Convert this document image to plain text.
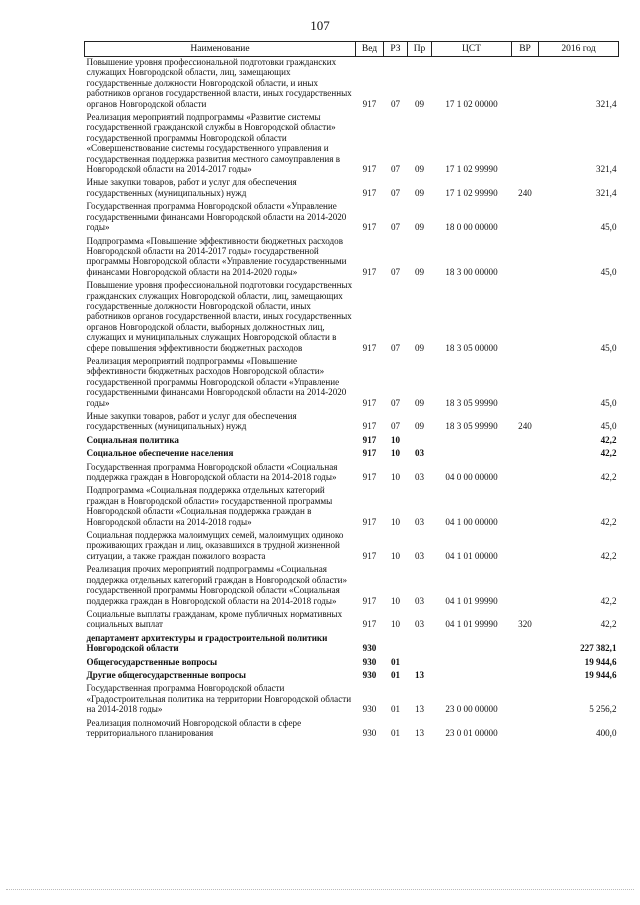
107
Наименование	Вед	РЗ	Пр	ЦСТ	ВР	2016 год
Повышение уровня профессиональной подготовки гражданских служащих Новгородской области, лиц, замещающих государственные должности Новгородской области, и иных работников органов государственной власти, иных государственных органов Новгородской области	917	07	09	17 1 02 00000		321,4
Реализация мероприятий подпрограммы «Развитие системы государственной гражданской службы в Новгородской области» государственной программы Новгородской области «Совершенствование системы государственного управления и государственная поддержка развития местного самоуправления в Новгородской области на 2014-2017 годы»	917	07	09	17 1 02 99990		321,4
Иные закупки товаров, работ и услуг для обеспечения государственных (муниципальных) нужд	917	07	09	17 1 02 99990	240	321,4
Государственная программа Новгородской области «Управление государственными финансами Новгородской области на 2014-2020 годы»	917	07	09	18 0 00 00000		45,0
Подпрограмма «Повышение эффективности бюджетных расходов Новгородской области на 2014-2017 годы» государственной программы Новгородской области «Управление государственными финансами Новгородской области на 2014-2020 годы»	917	07	09	18 3 00 00000		45,0
Повышение уровня профессиональной подготовки государственных гражданских служащих Новгородской области, лиц, замещающих государственные должности Новгородской области, иных работников органов государственной власти, иных государственных органов Новгородской области, выборных должностных лиц, служащих и муниципальных служащих Новгородской области в сфере повышения эффективности бюджетных расходов	917	07	09	18 3 05 00000		45,0
Реализация мероприятий подпрограммы «Повышение эффективности бюджетных расходов Новгородской области» государственной программы Новгородской области «Управление государственными финансами Новгородской области на 2014-2020 годы»	917	07	09	18 3 05 99990		45,0
Иные закупки товаров, работ и услуг для обеспечения государственных (муниципальных) нужд	917	07	09	18 3 05 99990	240	45,0
Социальная политика	917	10				42,2
Социальное обеспечение населения	917	10	03			42,2
Государственная программа Новгородской области «Социальная поддержка граждан в Новгородской области на 2014-2018 годы»	917	10	03	04 0 00 00000		42,2
Подпрограмма «Социальная поддержка отдельных категорий граждан в Новгородской области» государственной программы Новгородской области «Социальная поддержка граждан в Новгородской области на 2014-2018 годы»	917	10	03	04 1 00 00000		42,2
Социальная поддержка малоимущих семей, малоимущих одиноко проживающих граждан и лиц, оказавшихся в трудной жизненной ситуации, а также граждан пожилого возраста	917	10	03	04 1 01 00000		42,2
Реализация прочих мероприятий подпрограммы «Социальная поддержка отдельных категорий граждан в Новгородской области» государственной программы Новгородской области «Социальная поддержка граждан в Новгородской области на 2014-2018 годы»	917	10	03	04 1 01 99990		42,2
Социальные выплаты гражданам, кроме публичных нормативных социальных выплат	917	10	03	04 1 01 99990	320	42,2
департамент архитектуры и градостроительной политики Новгородской области	930					227 382,1
Общегосударственные вопросы	930	01				19 944,6
Другие общегосударственные вопросы	930	01	13			19 944,6
Государственная программа Новгородской области «Градостроительная политика на территории Новгородской области на 2014-2018 годы»	930	01	13	23 0 00 00000		5 256,2
Реализация полномочий Новгородской области в сфере территориального планирования	930	01	13	23 0 01 00000		400,0
